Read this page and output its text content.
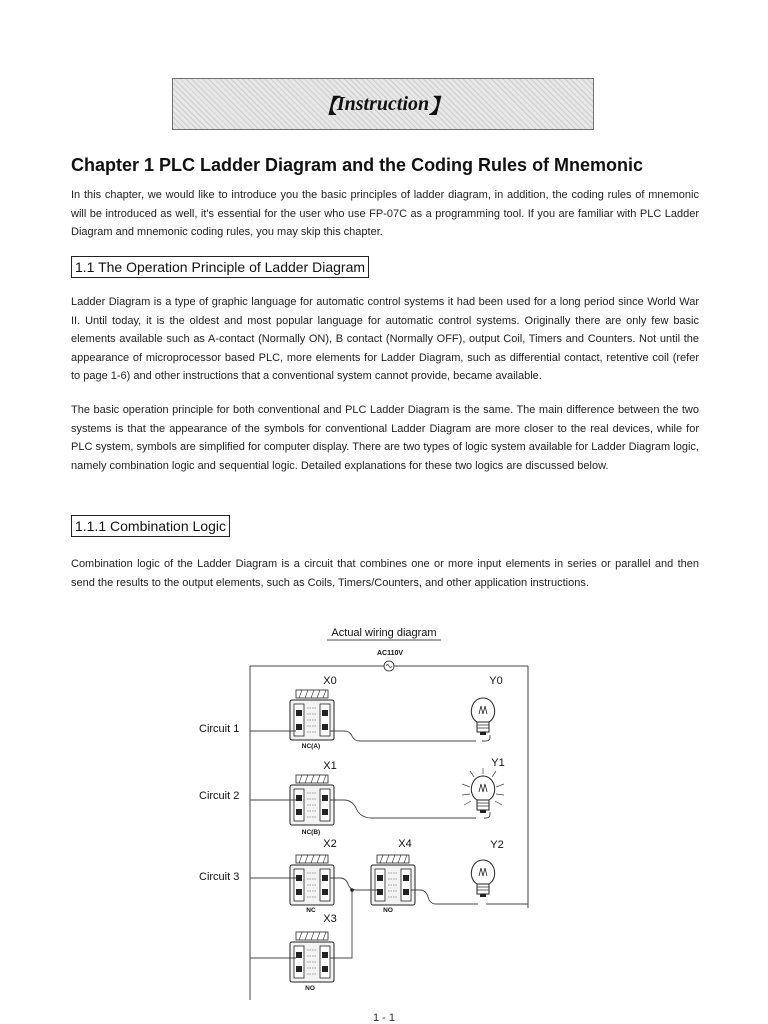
【 Instruction 】
Chapter 1 PLC Ladder Diagram and the Coding Rules of Mnemonic

In this chapter, we would like to introduce you the basic principles of ladder diagram, in addition, the coding rules of mnemonic will be introduced as well, it's essential for the user who use FP-07C as a programming tool. If you are familiar with PLC Ladder Diagram and mnemonic coding rules, you may skip this chapter.

1.1 The Operation Principle of Ladder Diagram

Ladder Diagram is a type of graphic language for automatic control systems it had been used for a long period since World War II. Until today, it is the oldest and most popular language for automatic control systems. Originally there are only few basic elements available such as A-contact (Normally ON), B contact (Normally OFF), output Coil, Timers and Counters. Not until the appearance of microprocessor based PLC, more elements for Ladder Diagram, such as differential contact, retentive coil (refer to page 1-6) and other instructions that a conventional system cannot provide, became available.

The basic operation principle for both conventional and PLC Ladder Diagram is the same. The main difference between the two systems is that the appearance of the symbols for conventional Ladder Diagram are more closer to the real devices, while for PLC system, symbols are simplified for computer display. There are two types of logic system available for Ladder Diagram logic, namely combination logic and sequential logic. Detailed explanations for these two logics are discussed below.

1.1.1 Combination Logic

Combination logic of the Ladder Diagram is a circuit that combines one or more input elements in series or parallel and then send the results to the output elements, such as Coils, Timers/Counters, and other application instructions.

Actual wiring diagram
AC110V
Circuit 1
Circuit 2
Circuit 3
X0
X1
X2	X4
X3
Y0
Y1
Y2
NC(A)
NC(B)
NC	NO
NO
1 - 1
